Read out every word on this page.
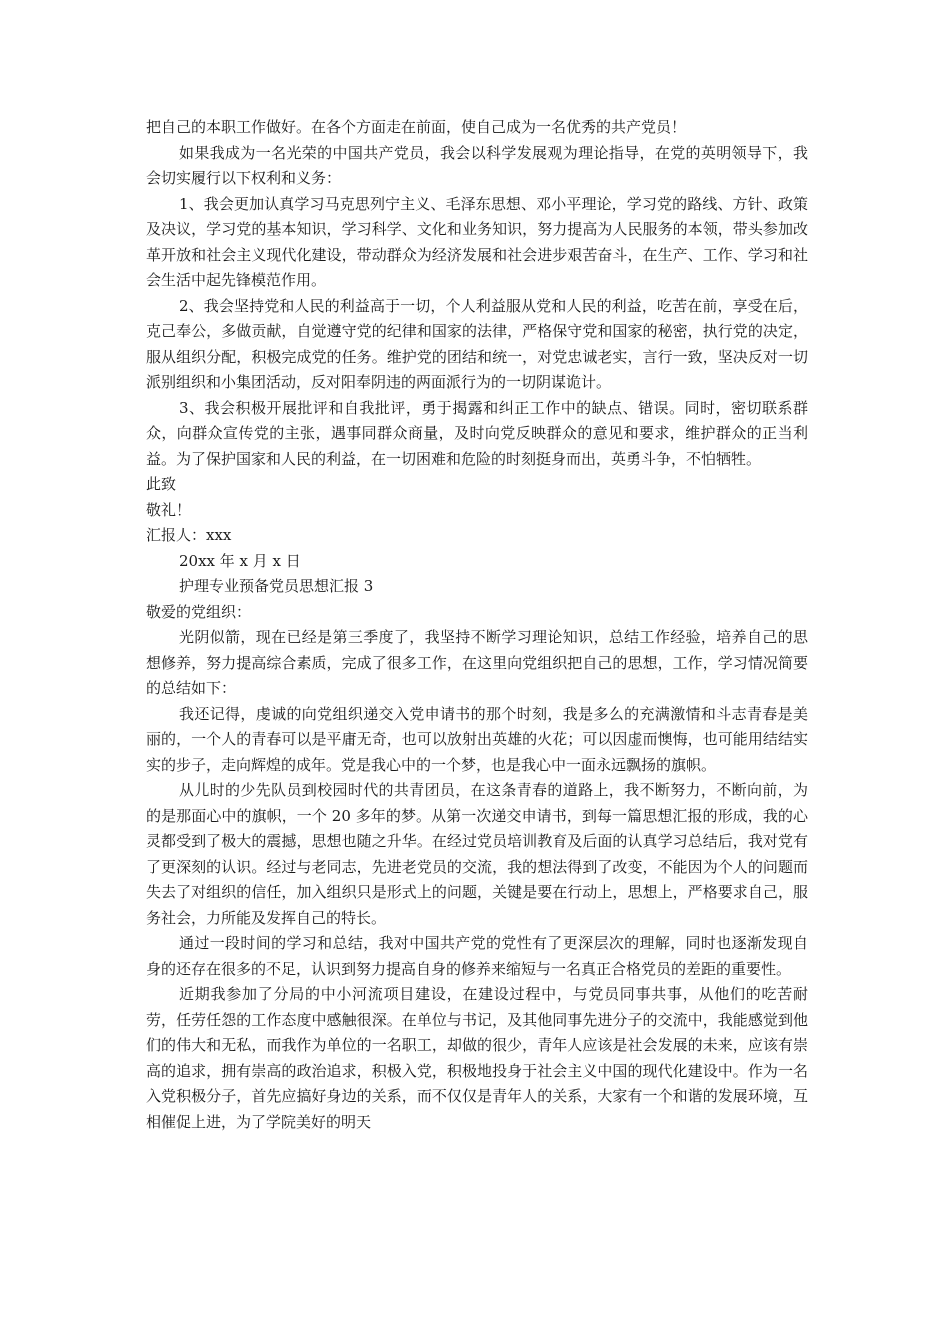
把自己的本职工作做好。在各个方面走在前面，使自己成为一名优秀的共产党员！

如果我成为一名光荣的中国共产党员，我会以科学发展观为理论指导，在党的英明领导下，我会切实履行以下权利和义务：

1、我会更加认真学习马克思列宁主义、毛泽东思想、邓小平理论，学习党的路线、方针、政策及决议，学习党的基本知识，学习科学、文化和业务知识，努力提高为人民服务的本领，带头参加改革开放和社会主义现代化建设，带动群众为经济发展和社会进步艰苦奋斗，在生产、工作、学习和社会生活中起先锋模范作用。

2、我会坚持党和人民的利益高于一切，个人利益服从党和人民的利益，吃苦在前，享受在后，克己奉公，多做贡献，自觉遵守党的纪律和国家的法律，严格保守党和国家的秘密，执行党的决定，服从组织分配，积极完成党的任务。维护党的团结和统一，对党忠诚老实，言行一致，坚决反对一切派别组织和小集团活动，反对阳奉阴违的两面派行为的一切阴谋诡计。

3、我会积极开展批评和自我批评，勇于揭露和纠正工作中的缺点、错误。同时，密切联系群众，向群众宣传党的主张，遇事同群众商量，及时向党反映群众的意见和要求，维护群众的正当利益。为了保护国家和人民的利益，在一切困难和危险的时刻挺身而出，英勇斗争，不怕牺牲。

此致

敬礼！

汇报人：xxx

20xx 年 x 月 x 日

护理专业预备党员思想汇报 3

敬爱的党组织：

光阴似箭，现在已经是第三季度了，我坚持不断学习理论知识，总结工作经验，培养自己的思想修养，努力提高综合素质，完成了很多工作，在这里向党组织把自己的思想，工作，学习情况简要的总结如下：

我还记得，虔诚的向党组织递交入党申请书的那个时刻，我是多么的充满激情和斗志青春是美丽的，一个人的青春可以是平庸无奇，也可以放射出英雄的火花；可以因虚而懊悔，也可能用结结实实的步子，走向辉煌的成年。党是我心中的一个梦，也是我心中一面永远飘扬的旗帜。

从儿时的少先队员到校园时代的共青团员，在这条青春的道路上，我不断努力，不断向前，为的是那面心中的旗帜，一个 20 多年的梦。从第一次递交申请书，到每一篇思想汇报的形成，我的心灵都受到了极大的震撼，思想也随之升华。在经过党员培训教育及后面的认真学习总结后，我对党有了更深刻的认识。经过与老同志，先进老党员的交流，我的想法得到了改变，不能因为个人的问题而失去了对组织的信任，加入组织只是形式上的问题，关键是要在行动上，思想上，严格要求自己，服务社会，力所能及发挥自己的特长。

通过一段时间的学习和总结，我对中国共产党的党性有了更深层次的理解，同时也逐渐发现自身的还存在很多的不足，认识到努力提高自身的修养来缩短与一名真正合格党员的差距的重要性。

近期我参加了分局的中小河流项目建设，在建设过程中，与党员同事共事，从他们的吃苦耐劳，任劳任怨的工作态度中感触很深。在单位与书记，及其他同事先进分子的交流中，我能感觉到他们的伟大和无私，而我作为单位的一名职工，却做的很少，青年人应该是社会发展的未来，应该有崇高的追求，拥有崇高的政治追求，积极入党，积极地投身于社会主义中国的现代化建设中。作为一名入党积极分子，首先应搞好身边的关系，而不仅仅是青年人的关系，大家有一个和谐的发展环境，互相催促上进，为了学院美好的明天
